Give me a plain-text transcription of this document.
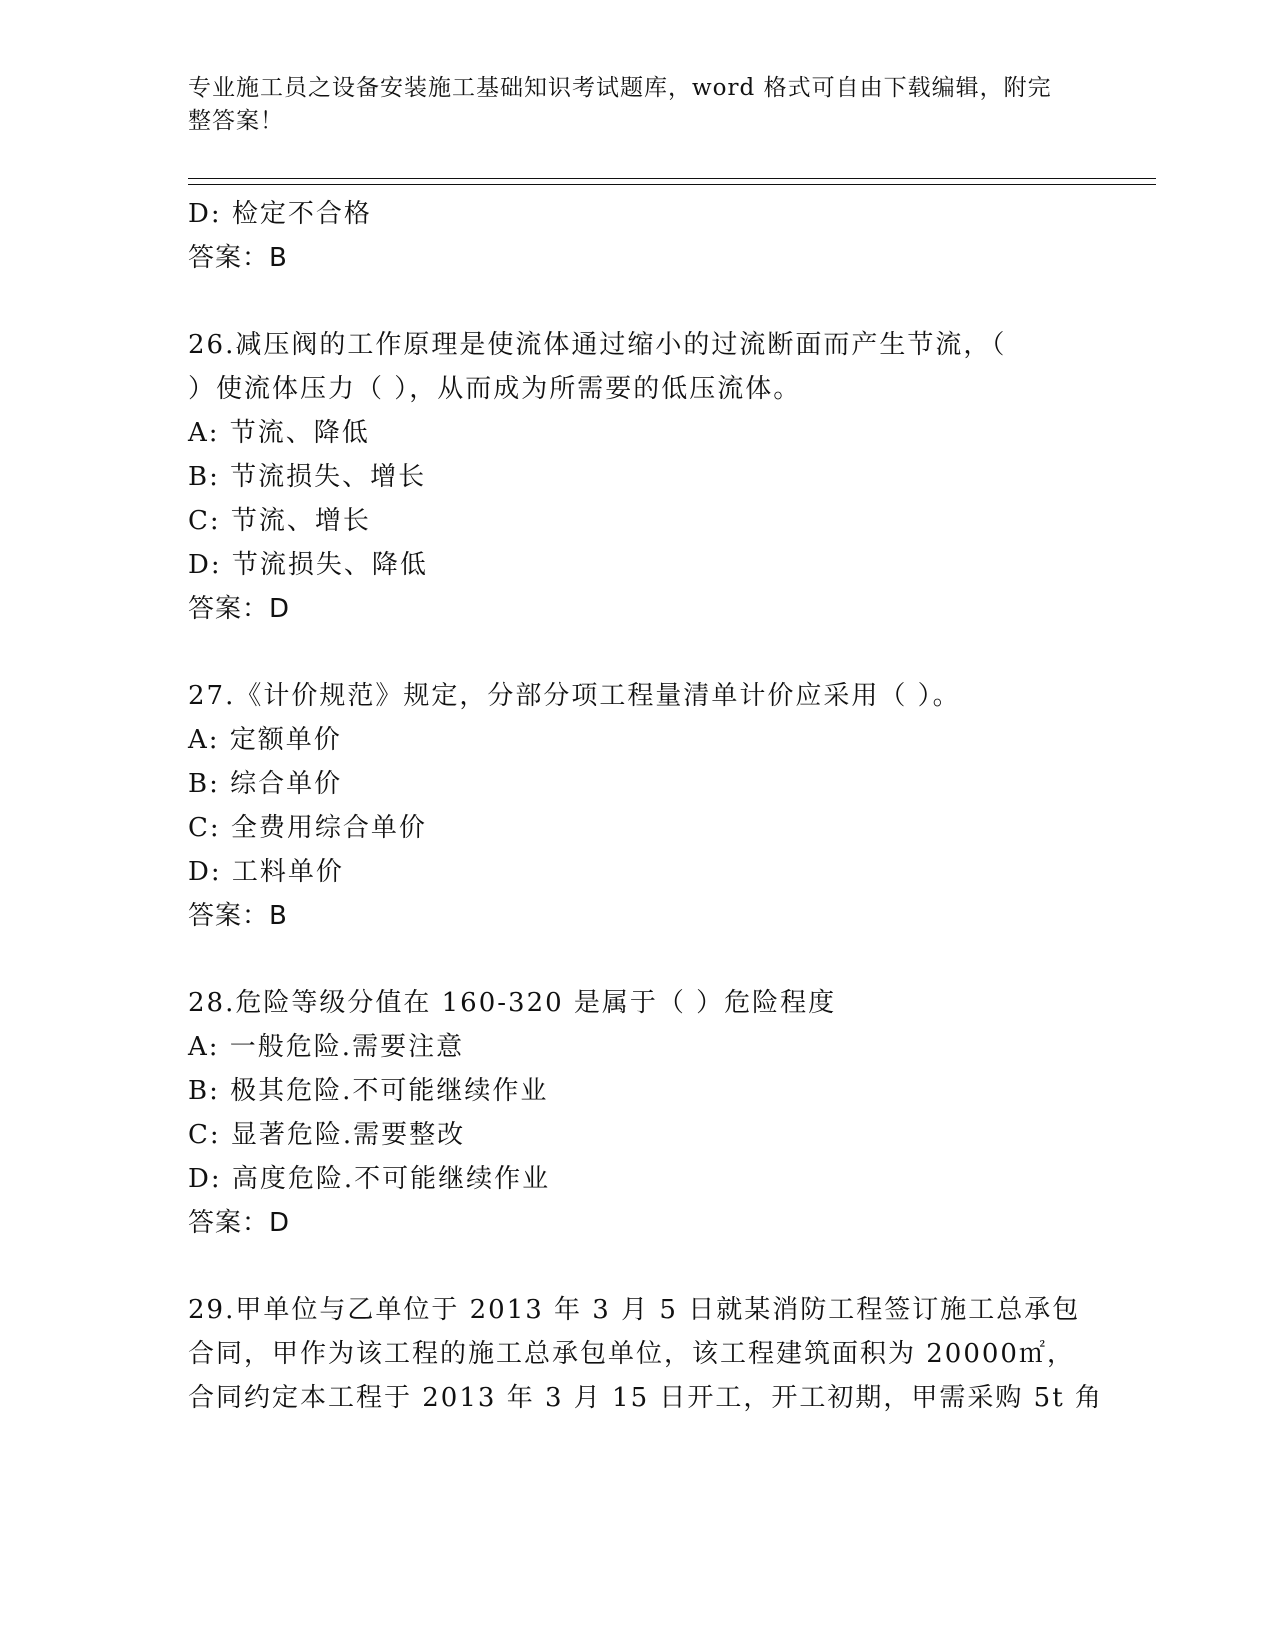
专业施工员之设备安装施工基础知识考试题库，word 格式可自由下载编辑，附完
整答案！
D: 检定不合格
答案：B
26.减压阀的工作原理是使流体通过缩小的过流断面而产生节流，（
）使流体压力（ ），从而成为所需要的低压流体。
A: 节流、降低
B: 节流损失、增长
C: 节流、增长
D: 节流损失、降低
答案：D
27.《计价规范》规定，分部分项工程量清单计价应采用（ ）。
A: 定额单价
B: 综合单价
C: 全费用综合单价
D: 工料单价
答案：B
28.危险等级分值在 160-320 是属于（ ）危险程度
A: 一般危险.需要注意
B: 极其危险.不可能继续作业
C: 显著危险.需要整改
D: 高度危险.不可能继续作业
答案：D
29.甲单位与乙单位于 2013 年 3 月 5 日就某消防工程签订施工总承包
合同，甲作为该工程的施工总承包单位，该工程建筑面积为 20000㎡，
合同约定本工程于 2013 年 3 月 15 日开工，开工初期，甲需采购 5t 角
